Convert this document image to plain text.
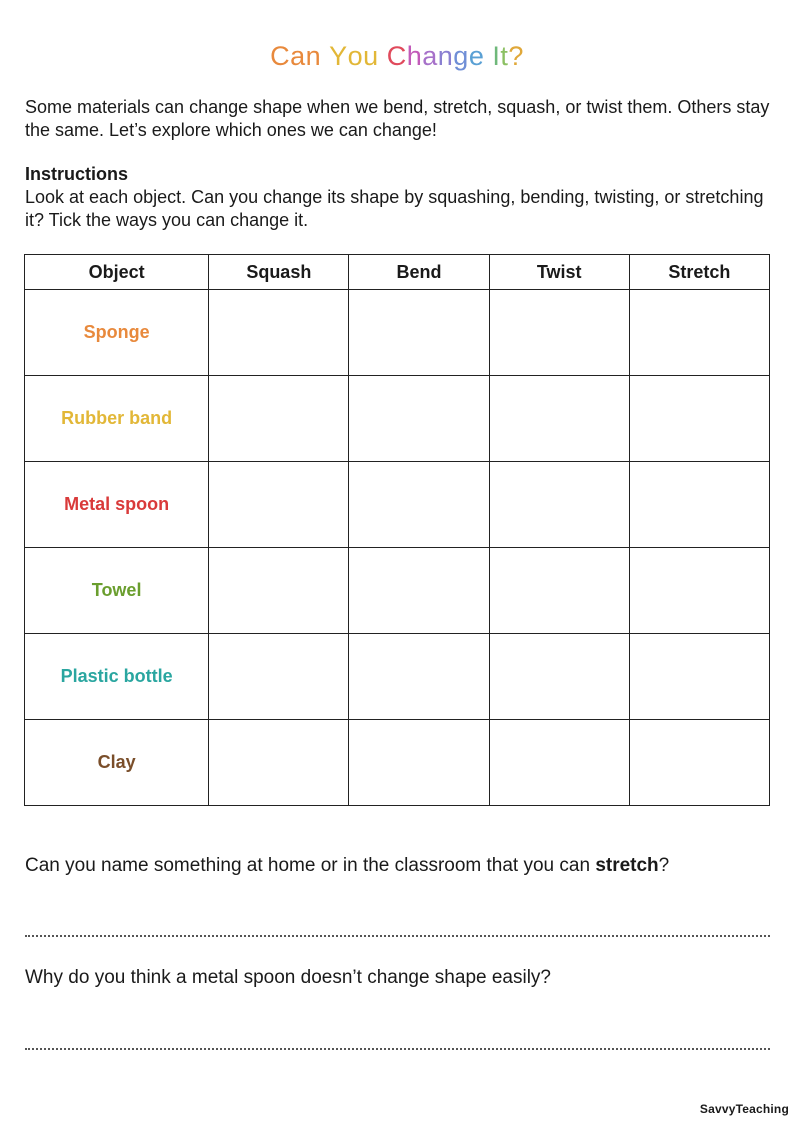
Can You Change It?
Some materials can change shape when we bend, stretch, squash, or twist them. Others stay the same. Let’s explore which ones we can change!
Instructions
Look at each object. Can you change its shape by squashing, bending, twisting, or stretching it? Tick the ways you can change it.
Object	Squash	Bend	Twist	Stretch
Sponge				
Rubber band				
Metal spoon				
Towel				
Plastic bottle				
Clay				
Can you name something at home or in the classroom that you can stretch?
Why do you think a metal spoon doesn’t change shape easily?
SavvyTeaching
